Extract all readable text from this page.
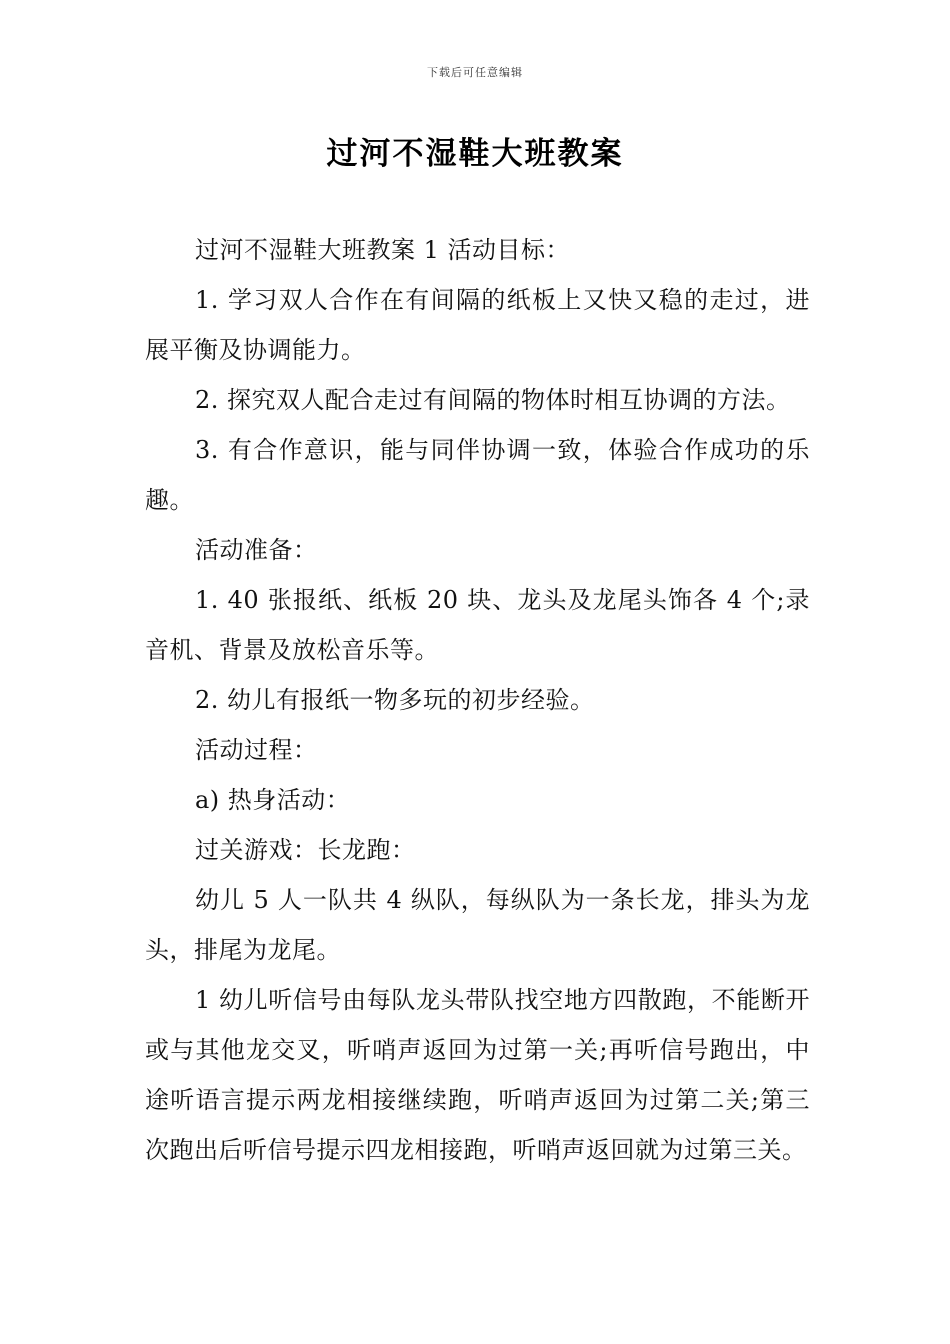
下载后可任意编辑
过河不湿鞋大班教案

过河不湿鞋大班教案 1 活动目标：

1. 学习双人合作在有间隔的纸板上又快又稳的走过，进展平衡及协调能力。

2. 探究双人配合走过有间隔的物体时相互协调的方法。

3. 有合作意识，能与同伴协调一致，体验合作成功的乐趣。

活动准备：

1. 40 张报纸、纸板 20 块、龙头及龙尾头饰各 4 个;录音机、背景及放松音乐等。

2. 幼儿有报纸一物多玩的初步经验。

活动过程：

a) 热身活动：

过关游戏：长龙跑：

幼儿 5 人一队共 4 纵队，每纵队为一条长龙，排头为龙头，排尾为龙尾。

1 幼儿听信号由每队龙头带队找空地方四散跑，不能断开或与其他龙交叉，听哨声返回为过第一关;再听信号跑出，中途听语言提示两龙相接继续跑，听哨声返回为过第二关;第三次跑出后听信号提示四龙相接跑，听哨声返回就为过第三关。
